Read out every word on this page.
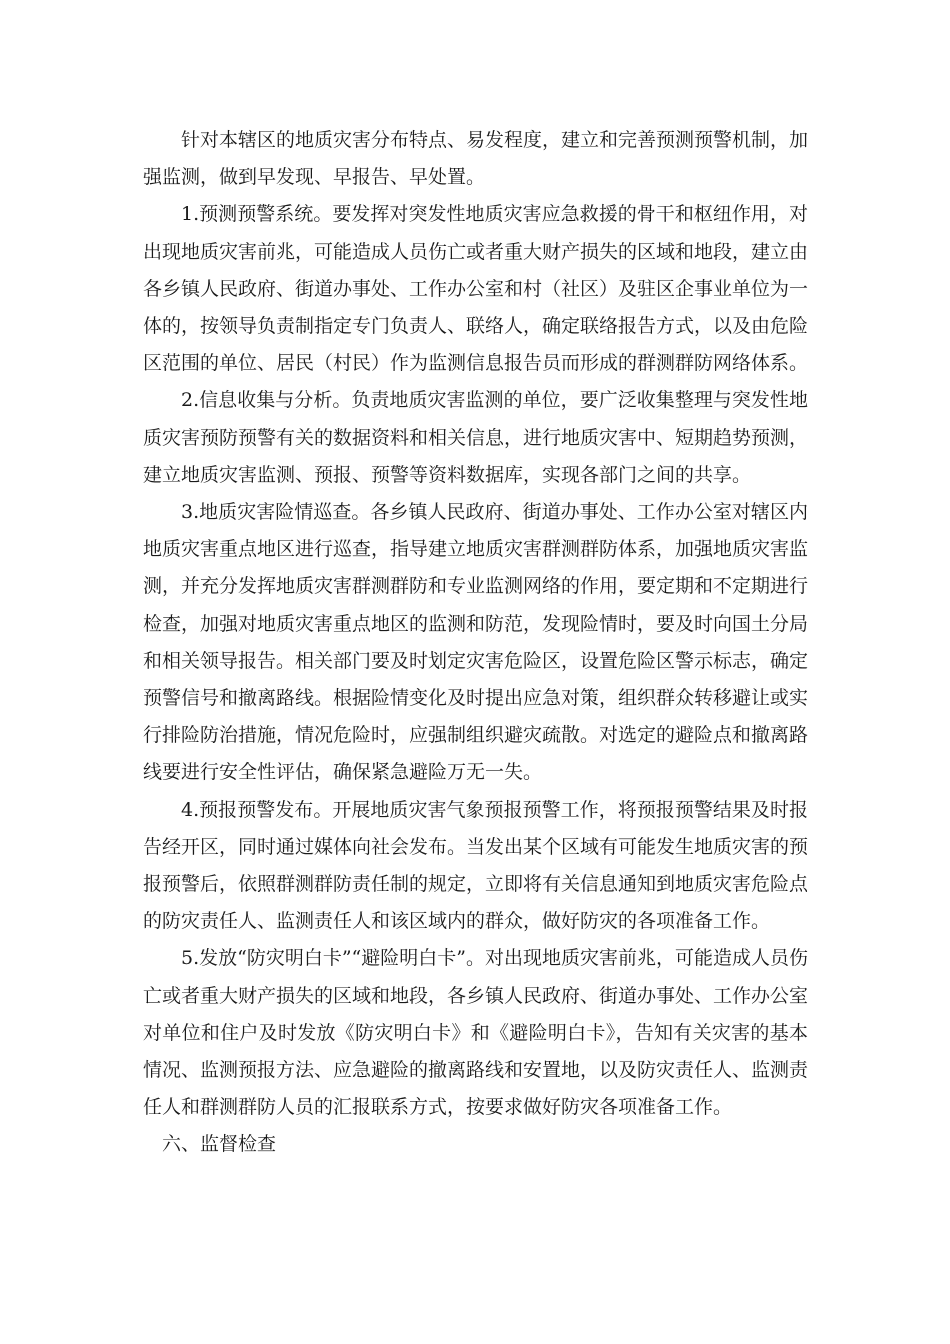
针对本辖区的地质灾害分布特点、易发程度，建立和完善预测预警机制，加强监测，做到早发现、早报告、早处置。

1.预测预警系统。要发挥对突发性地质灾害应急救援的骨干和枢纽作用，对出现地质灾害前兆，可能造成人员伤亡或者重大财产损失的区域和地段，建立由各乡镇人民政府、街道办事处、工作办公室和村（社区）及驻区企事业单位为一体的，按领导负责制指定专门负责人、联络人，确定联络报告方式，以及由危险区范围的单位、居民（村民）作为监测信息报告员而形成的群测群防网络体系。

2.信息收集与分析。负责地质灾害监测的单位，要广泛收集整理与突发性地质灾害预防预警有关的数据资料和相关信息，进行地质灾害中、短期趋势预测，建立地质灾害监测、预报、预警等资料数据库，实现各部门之间的共享。

3.地质灾害险情巡查。各乡镇人民政府、街道办事处、工作办公室对辖区内地质灾害重点地区进行巡查，指导建立地质灾害群测群防体系，加强地质灾害监测，并充分发挥地质灾害群测群防和专业监测网络的作用，要定期和不定期进行检查，加强对地质灾害重点地区的监测和防范，发现险情时，要及时向国土分局和相关领导报告。相关部门要及时划定灾害危险区，设置危险区警示标志，确定预警信号和撤离路线。根据险情变化及时提出应急对策，组织群众转移避让或实行排险防治措施，情况危险时，应强制组织避灾疏散。对选定的避险点和撤离路线要进行安全性评估，确保紧急避险万无一失。

4.预报预警发布。开展地质灾害气象预报预警工作，将预报预警结果及时报告经开区，同时通过媒体向社会发布。当发出某个区域有可能发生地质灾害的预报预警后，依照群测群防责任制的规定，立即将有关信息通知到地质灾害危险点的防灾责任人、监测责任人和该区域内的群众，做好防灾的各项准备工作。

5.发放“防灾明白卡”“避险明白卡”。对出现地质灾害前兆，可能造成人员伤亡或者重大财产损失的区域和地段，各乡镇人民政府、街道办事处、工作办公室对单位和住户及时发放《防灾明白卡》和《避险明白卡》，告知有关灾害的基本情况、监测预报方法、应急避险的撤离路线和安置地，以及防灾责任人、监测责任人和群测群防人员的汇报联系方式，按要求做好防灾各项准备工作。

六、监督检查
